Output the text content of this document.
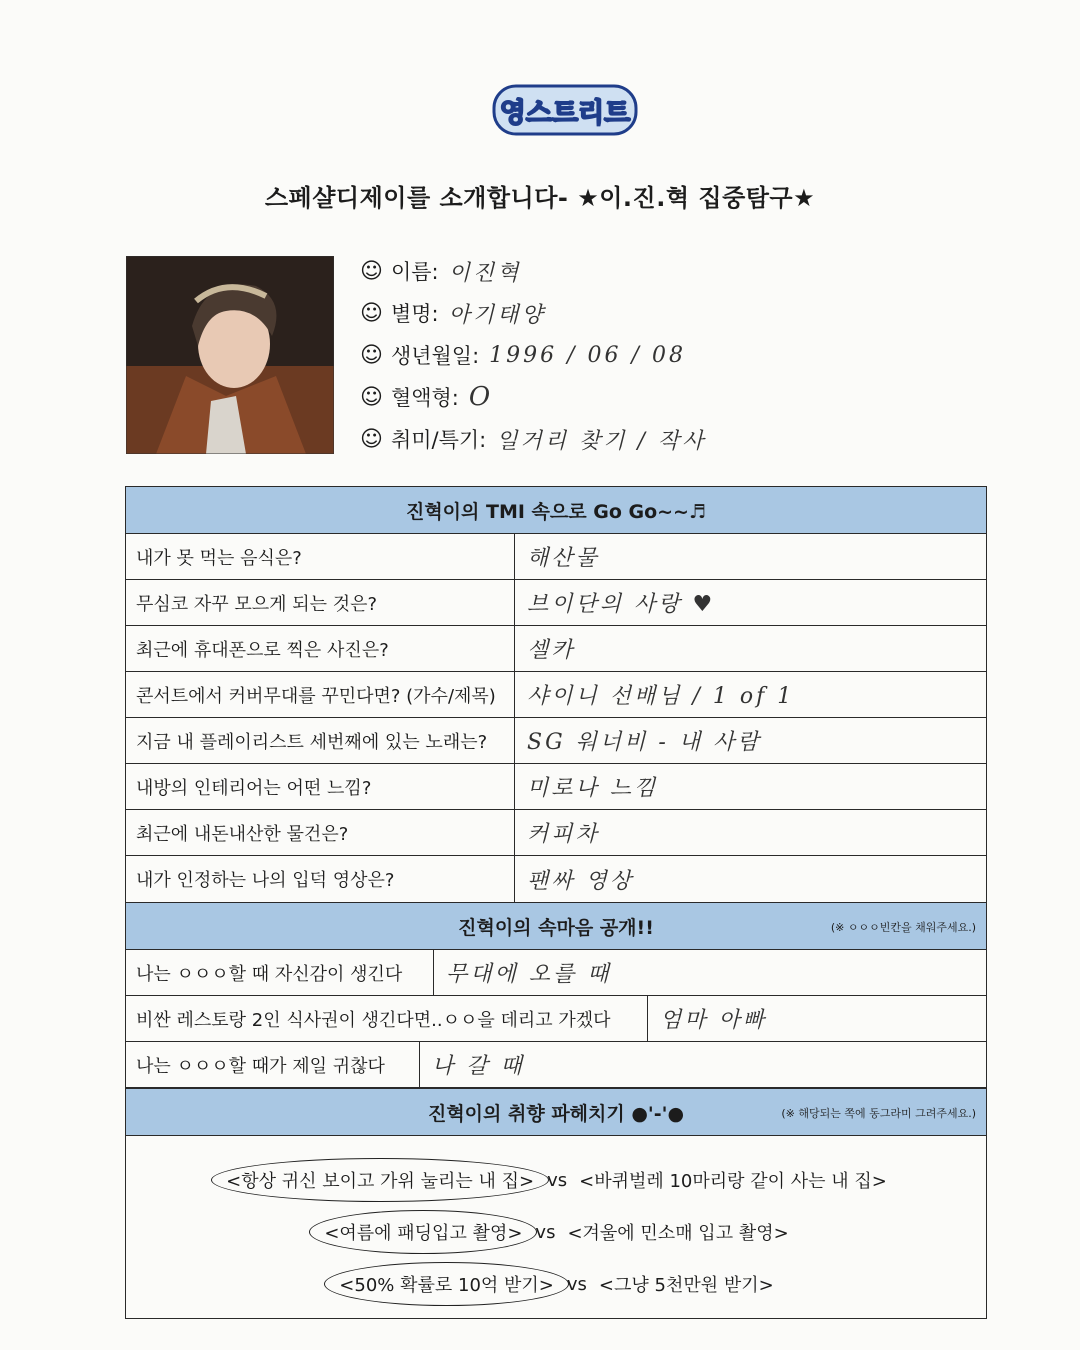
영스트리트
스페샬디제이를 소개합니다- ★이.진.혁 집중탐구★
☺ 이름: 이진혁
☺ 별명: 아기태양
☺ 생년월일: 1996 / 06 / 08
☺ 혈액형: O
☺ 취미/특기: 일거리 찾기 / 작사
진혁이의 TMI 속으로 Go Go~~♬
내가 못 먹는 음식은?	해산물
무심코 자꾸 모으게 되는 것은?	브이단의 사랑 ♥
최근에 휴대폰으로 찍은 사진은?	셀카
콘서트에서 커버무대를 꾸민다면? (가수/제목)	샤이니 선배님 / 1 of 1
지금 내 플레이리스트 세번째에 있는 노래는?	SG 워너비 - 내 사람
내방의 인테리어는 어떤 느낌?	미로나 느낌
최근에 내돈내산한 물건은?	커피차
내가 인정하는 나의 입덕 영상은?	팬싸 영상
진혁이의 속마음 공개!!	(※ ㅇㅇㅇ빈칸을 채워주세요.)
나는 ㅇㅇㅇ할 때 자신감이 생긴다	무대에 오를 때
비싼 레스토랑 2인 식사권이 생긴다면..ㅇㅇ을 데리고 가겠다	엄마 아빠
나는 ㅇㅇㅇ할 때가 제일 귀찮다	나 갈 때
진혁이의 취향 파헤치기 ●'-'●	(※ 해당되는 쪽에 동그라미 그려주세요.)
<항상 귀신 보이고 가위 눌리는 내 집> vs <바퀴벌레 10마리랑 같이 사는 내 집>
<여름에 패딩입고 촬영> vs <겨울에 민소매 입고 촬영>
<50% 확률로 10억 받기> vs <그냥 5천만원 받기>
